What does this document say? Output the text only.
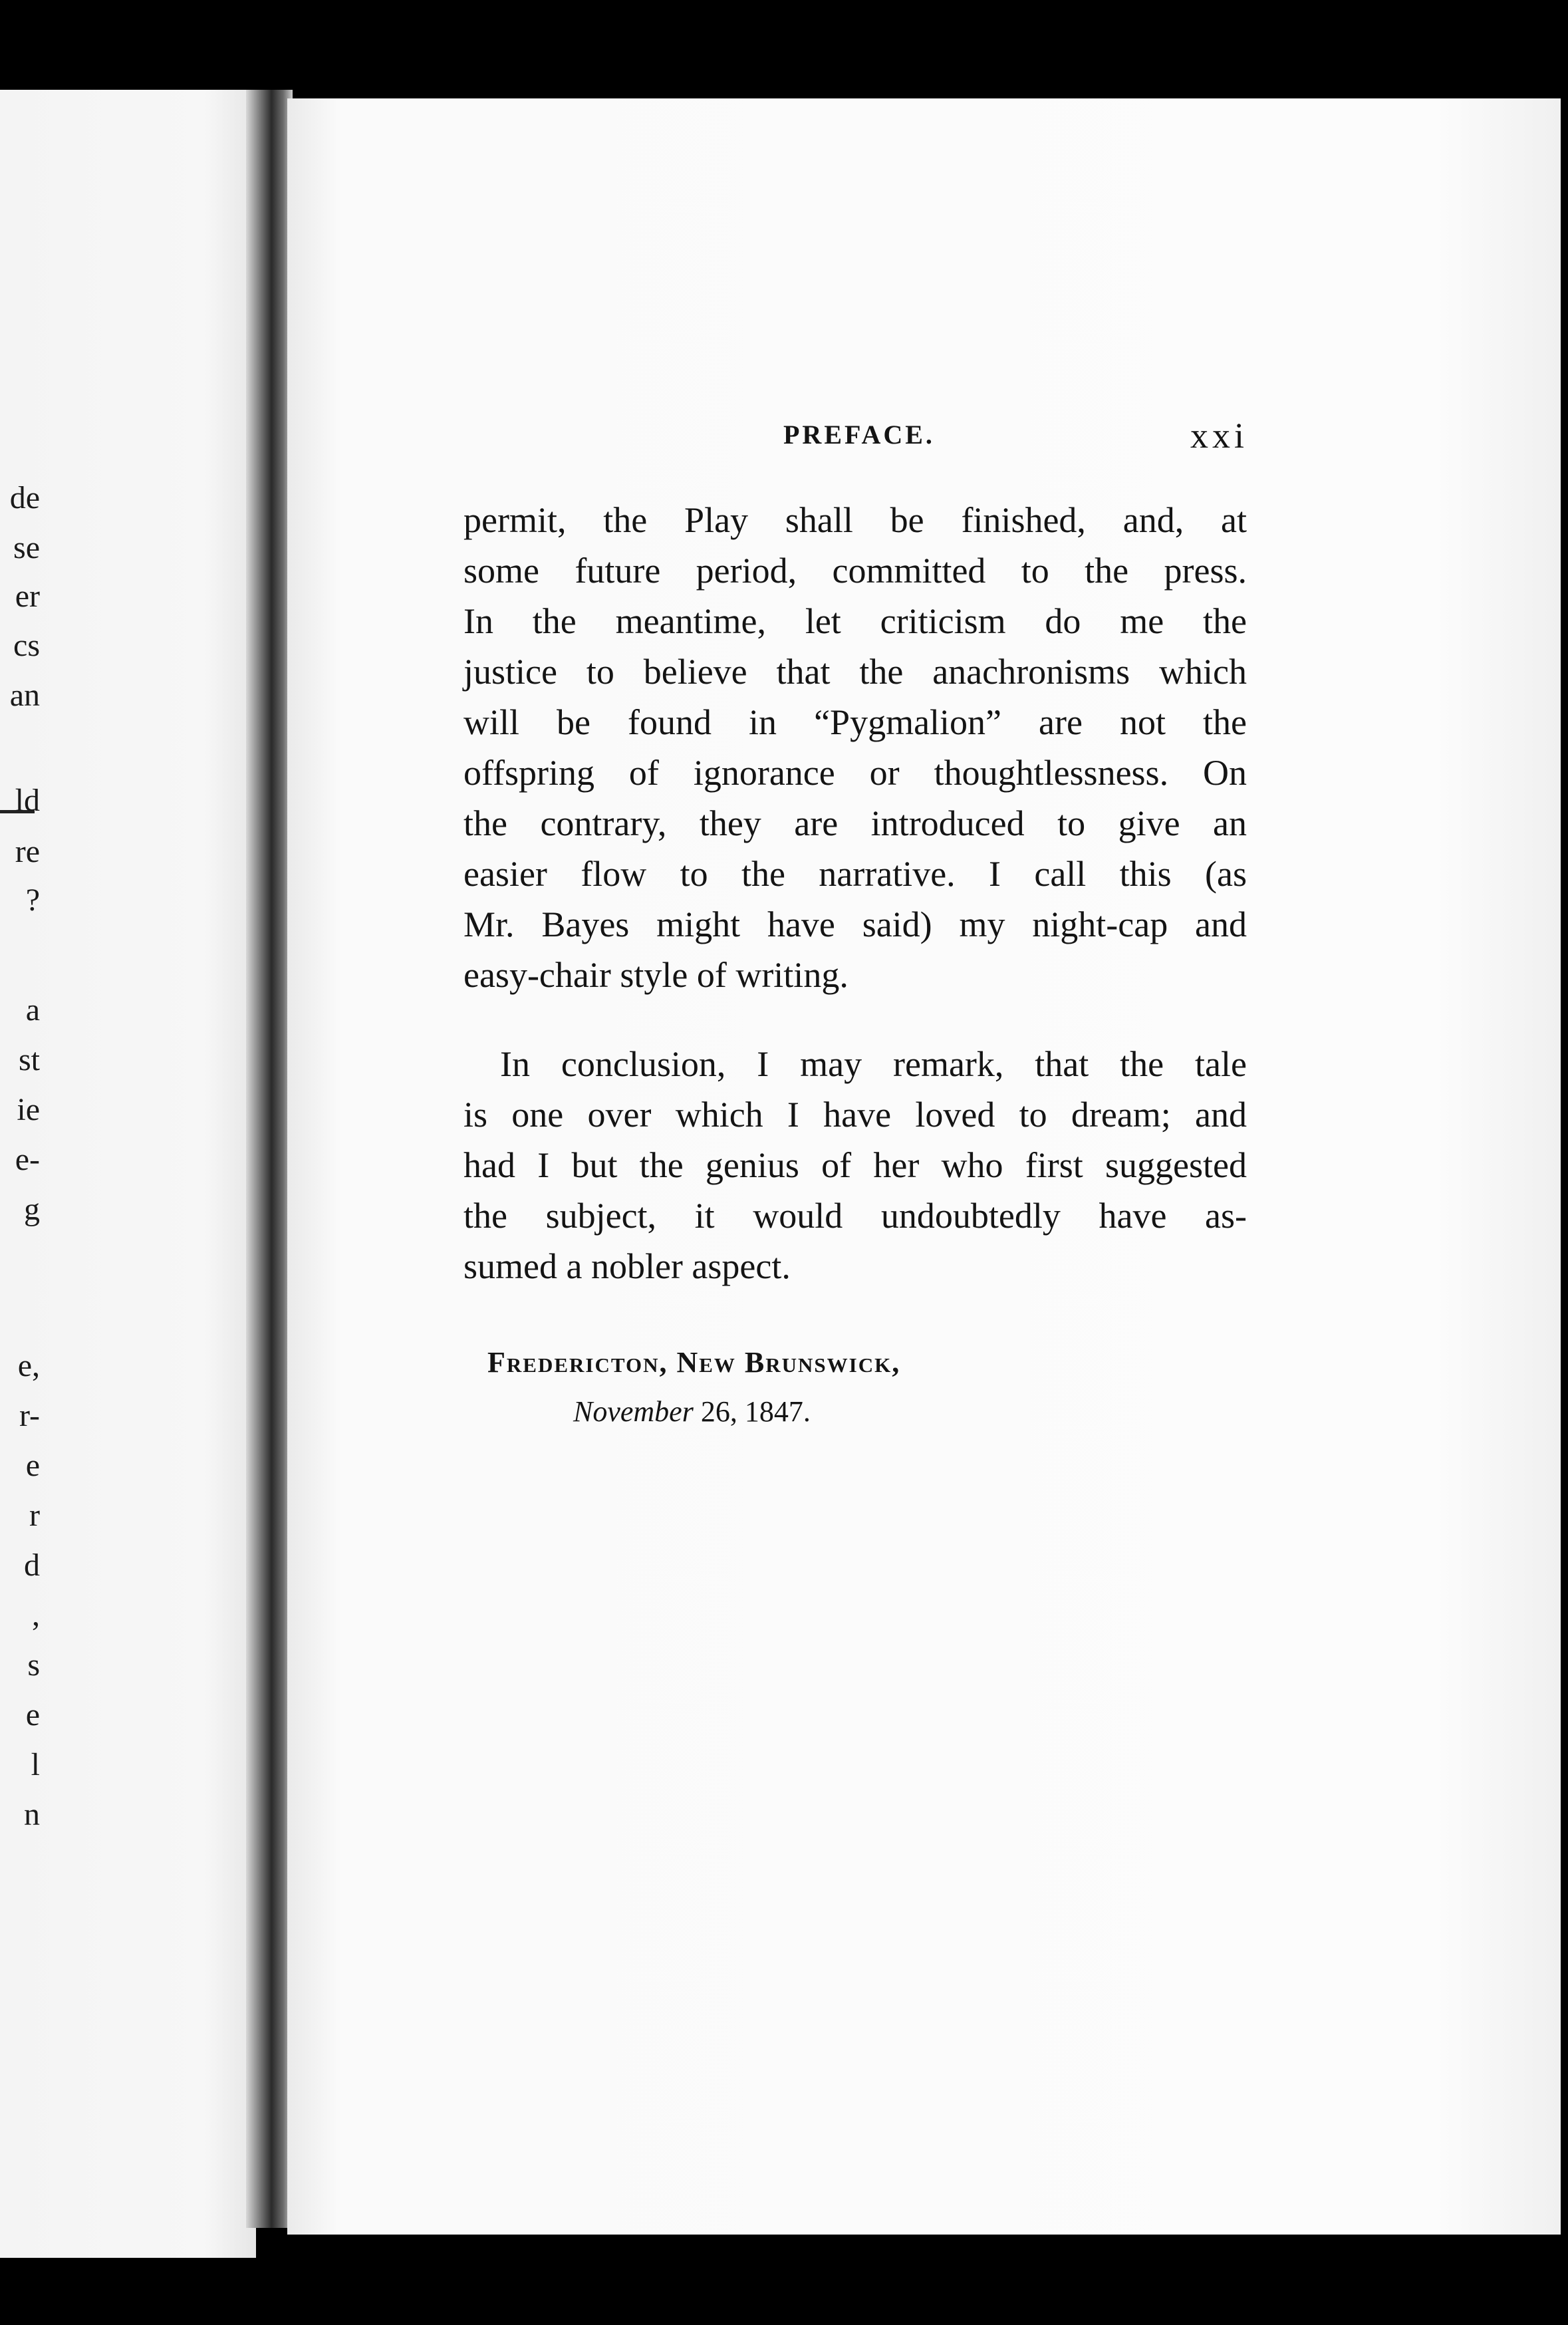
de
se
er
cs
an
ld
re
?
a
st
ie
e-
g
e,
r-
e
r
d
,
s
e
l
n
PREFACE.	xxi
permit, the Play shall be finished, and, at
some future period, committed to the press.
In the meantime, let criticism do me the
justice to believe that the anachronisms which
will be found in “Pygmalion” are not the
offspring of ignorance or thoughtlessness. On
the contrary, they are introduced to give an
easier flow to the narrative. I call this (as
Mr. Bayes might have said) my night-cap and
easy-chair style of writing.
In conclusion, I may remark, that the tale
is one over which I have loved to dream; and
had I but the genius of her who first suggested
the subject, it would undoubtedly have as-
sumed a nobler aspect.
Fredericton, New Brunswick,
November 26, 1847.
